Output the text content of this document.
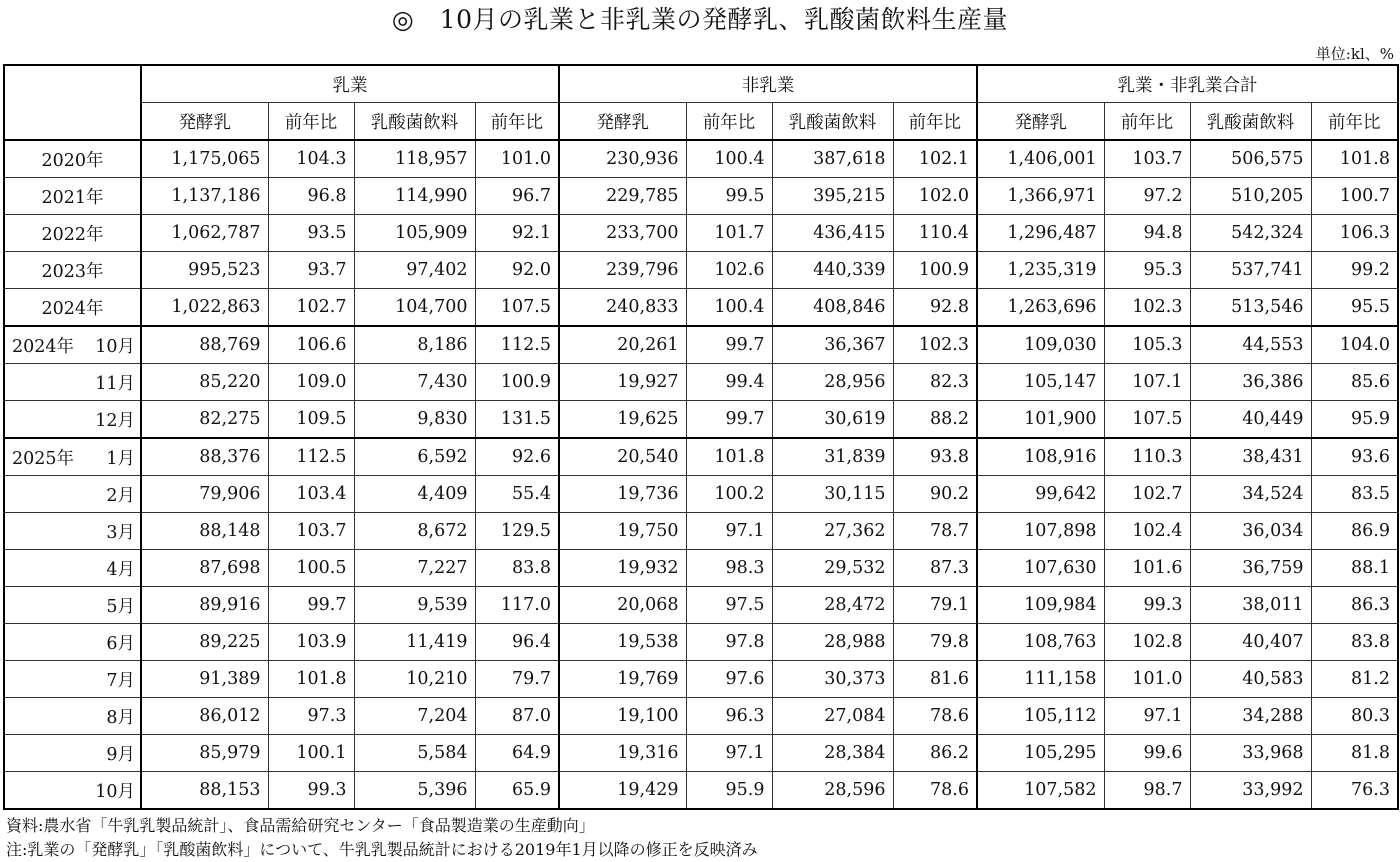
◎　10月の乳業と非乳業の発酵乳、乳酸菌飲料生産量
単位:kl、%
	乳業				非乳業				乳業・非乳業合計			
	発酵乳	前年比	乳酸菌飲料	前年比	発酵乳	前年比	乳酸菌飲料	前年比	発酵乳	前年比	乳酸菌飲料	前年比
2020年	1,175,065	104.3	118,957	101.0	230,936	100.4	387,618	102.1	1,406,001	103.7	506,575	101.8
2021年	1,137,186	96.8	114,990	96.7	229,785	99.5	395,215	102.0	1,366,971	97.2	510,205	100.7
2022年	1,062,787	93.5	105,909	92.1	233,700	101.7	436,415	110.4	1,296,487	94.8	542,324	106.3
2023年	995,523	93.7	97,402	92.0	239,796	102.6	440,339	100.9	1,235,319	95.3	537,741	99.2
2024年	1,022,863	102.7	104,700	107.5	240,833	100.4	408,846	92.8	1,263,696	102.3	513,546	95.5

2024年 10月	88,769	106.6	8,186	112.5	20,261	99.7	36,367	102.3	109,030	105.3	44,553	104.0

11月	85,220	109.0	7,430	100.9	19,927	99.4	28,956	82.3	105,147	107.1	36,386	85.6

12月	82,275	109.5	9,830	131.5	19,625	99.7	30,619	88.2	101,900	107.5	40,449	95.9

2025年 1月	88,376	112.5	6,592	92.6	20,540	101.8	31,839	93.8	108,916	110.3	38,431	93.6

2月	79,906	103.4	4,409	55.4	19,736	100.2	30,115	90.2	99,642	102.7	34,524	83.5

3月	88,148	103.7	8,672	129.5	19,750	97.1	27,362	78.7	107,898	102.4	36,034	86.9

4月	87,698	100.5	7,227	83.8	19,932	98.3	29,532	87.3	107,630	101.6	36,759	88.1

5月	89,916	99.7	9,539	117.0	20,068	97.5	28,472	79.1	109,984	99.3	38,011	86.3

6月	89,225	103.9	11,419	96.4	19,538	97.8	28,988	79.8	108,763	102.8	40,407	83.8

7月	91,389	101.8	10,210	79.7	19,769	97.6	30,373	81.6	111,158	101.0	40,583	81.2

8月	86,012	97.3	7,204	87.0	19,100	96.3	27,084	78.6	105,112	97.1	34,288	80.3

9月	85,979	100.1	5,584	64.9	19,316	97.1	28,384	86.2	105,295	99.6	33,968	81.8

10月	88,153	99.3	5,396	65.9	19,429	95.9	28,596	78.6	107,582	98.7	33,992	76.3
資料:農水省「牛乳乳製品統計」、食品需給研究センター「食品製造業の生産動向」
注:乳業の「発酵乳」「乳酸菌飲料」について、牛乳乳製品統計における2019年1月以降の修正を反映済み
